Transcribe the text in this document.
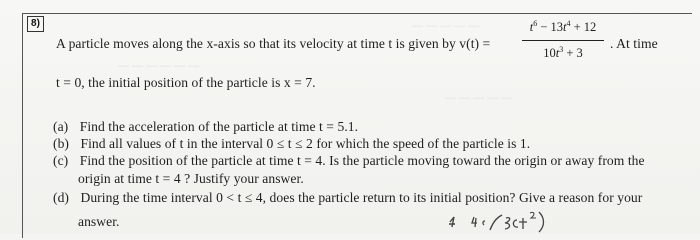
8)
— — — — — —
— — — — —
— — — — —
A particle moves along the x-axis so that its velocity at time t is given by v(t) =
$t^6 - 13t^4 + 12$
$10t^3 + 3$
. At time
t = 0, the initial position of the particle is x = 7.
(a) Find the acceleration of the particle at time t = 5.1.
(b) Find all values of t in the interval 0 ≤ t ≤ 2 for which the speed of the particle is 1.
(c) Find the position of the particle at time t = 4. Is the particle moving toward the origin or away from the
origin at time t = 4 ? Justify your answer.
(d) During the time interval 0 < t ≤ 4, does the particle return to its initial position? Give a reason for your
answer.
